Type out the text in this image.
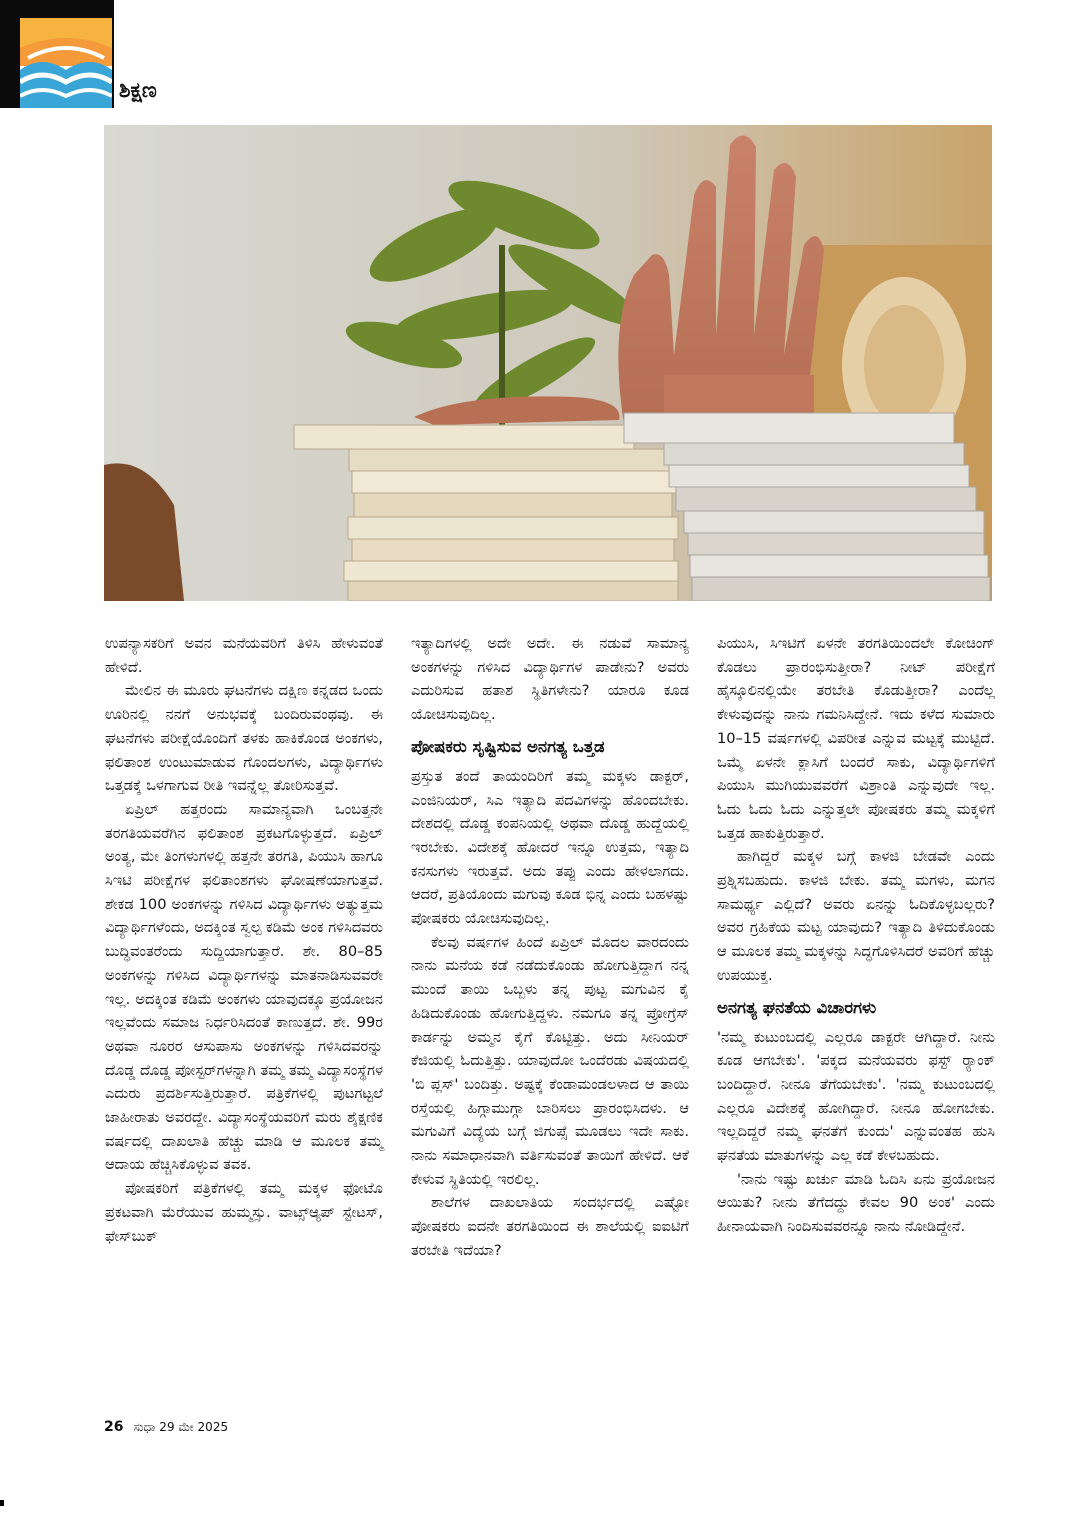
ಶಿಕ್ಷಣ

ಉಪನ್ಯಾಸಕರಿಗೆ ಅವನ ಮನೆಯವರಿಗೆ ತಿಳಿಸಿ ಹೇಳುವಂತೆ ಹೇಳಿದೆ.

ಮೇಲಿನ ಈ ಮೂರು ಘಟನೆಗಳು ದಕ್ಷಿಣ ಕನ್ನಡದ ಒಂದು ಊರಿನಲ್ಲಿ ನನಗೆ ಅನುಭವಕ್ಕೆ ಬಂದಿರುವಂಥವು. ಈ ಘಟನೆಗಳು ಪರೀಕ್ಷೆಯೊಂದಿಗೆ ತಳಕು ಹಾಕಿಕೊಂಡ ಅಂಕಗಳು, ಫಲಿತಾಂಶ ಉಂಟುಮಾಡುವ ಗೊಂದಲಗಳು, ವಿದ್ಯಾರ್ಥಿಗಳು ಒತ್ತಡಕ್ಕೆ ಒಳಗಾಗುವ ರೀತಿ ಇವನ್ನೆಲ್ಲ ತೋರಿಸುತ್ತವೆ.

ಏಪ್ರಿಲ್ ಹತ್ತರಂದು ಸಾಮಾನ್ಯವಾಗಿ ಒಂಬತ್ತನೇ ತರಗತಿಯವರೆಗಿನ ಫಲಿತಾಂಶ ಪ್ರಕಟಗೊಳ್ಳುತ್ತದೆ. ಏಪ್ರಿಲ್ ಅಂತ್ಯ, ಮೇ ತಿಂಗಳುಗಳಲ್ಲಿ ಹತ್ತನೇ ತರಗತಿ, ಪಿಯುಸಿ ಹಾಗೂ ಸಿಇಟಿ ಪರೀಕ್ಷೆಗಳ ಫಲಿತಾಂಶಗಳು ಘೋಷಣೆಯಾಗುತ್ತವೆ. ಶೇಕಡ 100 ಅಂಕಗಳನ್ನು ಗಳಿಸಿದ ವಿದ್ಯಾರ್ಥಿಗಳು ಅತ್ಯುತ್ತಮ ವಿದ್ಯಾರ್ಥಿಗಳೆಂದು, ಅದಕ್ಕಿಂತ ಸ್ವಲ್ಪ ಕಡಿಮೆ ಅಂಕ ಗಳಿಸಿದವರು ಬುದ್ಧಿವಂತರೆಂದು ಸುದ್ದಿಯಾಗುತ್ತಾರೆ. ಶೇ. 80–85 ಅಂಕಗಳನ್ನು ಗಳಿಸಿದ ವಿದ್ಯಾರ್ಥಿಗಳನ್ನು ಮಾತನಾಡಿಸುವವರೇ ಇಲ್ಲ. ಅದಕ್ಕಿಂತ ಕಡಿಮೆ ಅಂಕಗಳು ಯಾವುದಕ್ಕೂ ಪ್ರಯೋಜನ ಇಲ್ಲವೆಂದು ಸಮಾಜ ನಿರ್ಧರಿಸಿದಂತೆ ಕಾಣುತ್ತದೆ. ಶೇ. 99ರ ಅಥವಾ ನೂರರ ಆಸುಪಾಸು ಅಂಕಗಳನ್ನು ಗಳಿಸಿದವರನ್ನು ದೊಡ್ಡ ದೊಡ್ಡ ಪೋಸ್ಟರ್‌ಗಳನ್ನಾಗಿ ತಮ್ಮ ತಮ್ಮ ವಿದ್ಯಾಸಂಸ್ಥೆಗಳ ಎದುರು ಪ್ರದರ್ಶಿಸುತ್ತಿರುತ್ತಾರೆ. ಪತ್ರಿಕೆಗಳಲ್ಲಿ ಪುಟಗಟ್ಟಲೆ ಜಾಹೀರಾತು ಅವರದ್ದೇ. ವಿದ್ಯಾಸಂಸ್ಥೆಯವರಿಗೆ ಮರು ಶೈಕ್ಷಣಿಕ ವರ್ಷದಲ್ಲಿ ದಾಖಲಾತಿ ಹೆಚ್ಚು ಮಾಡಿ ಆ ಮೂಲಕ ತಮ್ಮ ಆದಾಯ ಹೆಚ್ಚಿಸಿಕೊಳ್ಳುವ ತವಕ.

ಪೋಷಕರಿಗೆ ಪತ್ರಿಕೆಗಳಲ್ಲಿ ತಮ್ಮ ಮಕ್ಕಳ ಫೋಟೊ ಪ್ರಕಟವಾಗಿ ಮೆರೆಯುವ ಹುಮ್ಮಸ್ಸು. ವಾಟ್ಸ್‌ಆ್ಯಪ್ ಸ್ಟೇಟಸ್, ಫೇಸ್‌ಬುಕ್

ಇತ್ಯಾದಿಗಳಲ್ಲಿ ಅದೇ ಅದೇ. ಈ ನಡುವೆ ಸಾಮಾನ್ಯ ಅಂಕಗಳನ್ನು ಗಳಿಸಿದ ವಿದ್ಯಾರ್ಥಿಗಳ ಪಾಡೇನು? ಅವರು ಎದುರಿಸುವ ಹತಾಶ ಸ್ಥಿತಿಗಳೇನು? ಯಾರೂ ಕೂಡ ಯೋಚಿಸುವುದಿಲ್ಲ.

ಪೋಷಕರು ಸೃಷ್ಟಿಸುವ ಅನಗತ್ಯ ಒತ್ತಡ

ಪ್ರಸ್ತುತ ತಂದೆ ತಾಯಂದಿರಿಗೆ ತಮ್ಮ ಮಕ್ಕಳು ಡಾಕ್ಟರ್, ಎಂಜಿನಿಯರ್, ಸಿಎ ಇತ್ಯಾದಿ ಪದವಿಗಳನ್ನು ಹೊಂದಬೇಕು. ದೇಶದಲ್ಲಿ ದೊಡ್ಡ ಕಂಪನಿಯಲ್ಲಿ ಅಥವಾ ದೊಡ್ಡ ಹುದ್ದೆಯಲ್ಲಿ ಇರಬೇಕು. ವಿದೇಶಕ್ಕೆ ಹೋದರೆ ಇನ್ನೂ ಉತ್ತಮ, ಇತ್ಯಾದಿ ಕನಸುಗಳು ಇರುತ್ತವೆ. ಅದು ತಪ್ಪು ಎಂದು ಹೇಳಲಾಗದು. ಆದರೆ, ಪ್ರತಿಯೊಂದು ಮಗುವು ಕೂಡ ಭಿನ್ನ ಎಂದು ಬಹಳಷ್ಟು ಪೋಷಕರು ಯೋಚಿಸುವುದಿಲ್ಲ.

ಕೆಲವು ವರ್ಷಗಳ ಹಿಂದೆ ಏಪ್ರಿಲ್ ಮೊದಲ ವಾರದಂದು ನಾನು ಮನೆಯ ಕಡೆ ನಡೆದುಕೊಂಡು ಹೋಗುತ್ತಿದ್ದಾಗ ನನ್ನ ಮುಂದೆ ತಾಯಿ ಒಬ್ಬಳು ತನ್ನ ಪುಟ್ಟ ಮಗುವಿನ ಕೈ ಹಿಡಿದುಕೊಂಡು ಹೋಗುತ್ತಿದ್ದಳು. ನಮಗೂ ತನ್ನ ಪ್ರೋಗ್ರೆಸ್ ಕಾರ್ಡನ್ನು ಅಮ್ಮನ ಕೈಗೆ ಕೊಟ್ಟಿತ್ತು. ಅದು ಸೀನಿಯರ್ ಕೆಜಿಯಲ್ಲಿ ಓದುತ್ತಿತ್ತು. ಯಾವುದೋ ಒಂದೆರಡು ವಿಷಯದಲ್ಲಿ 'ಬಿ ಪ್ಲಸ್' ಬಂದಿತ್ತು. ಅಷ್ಟಕ್ಕೆ ಕೆಂಡಾಮಂಡಲಳಾದ ಆ ತಾಯಿ ರಸ್ತೆಯಲ್ಲಿ ಹಿಗ್ಗಾಮುಗ್ಗಾ ಬಾರಿಸಲು ಪ್ರಾರಂಭಿಸಿದಳು. ಆ ಮಗುವಿಗೆ ವಿದ್ಯೆಯ ಬಗ್ಗೆ ಜಿಗುಪ್ಸೆ ಮೂಡಲು ಇದೇ ಸಾಕು. ನಾನು ಸಮಾಧಾನವಾಗಿ ವರ್ತಿಸುವಂತೆ ತಾಯಿಗೆ ಹೇಳಿದೆ. ಆಕೆ ಕೇಳುವ ಸ್ಥಿತಿಯಲ್ಲಿ ಇರಲಿಲ್ಲ.

ಶಾಲೆಗಳ ದಾಖಲಾತಿಯ ಸಂದರ್ಭದಲ್ಲಿ ಎಷ್ಟೋ ಪೋಷಕರು ಐದನೇ ತರಗತಿಯಿಂದ ಈ ಶಾಲೆಯಲ್ಲಿ ಐಐಟಿಗೆ ತರಬೇತಿ ಇದೆಯಾ?

ಪಿಯುಸಿ, ಸಿಇಟಿಗೆ ಏಳನೇ ತರಗತಿಯಿಂದಲೇ ಕೋಚಿಂಗ್ ಕೊಡಲು ಪ್ರಾರಂಭಿಸುತ್ತೀರಾ? ನೀಟ್ ಪರೀಕ್ಷೆಗೆ ಹೈಸ್ಕೂಲಿನಲ್ಲಿಯೇ ತರಬೇತಿ ಕೊಡುತ್ತೀರಾ? ಎಂದೆಲ್ಲ ಕೇಳುವುದನ್ನು ನಾನು ಗಮನಿಸಿದ್ದೇನೆ. ಇದು ಕಳೆದ ಸುಮಾರು 10–15 ವರ್ಷಗಳಲ್ಲಿ ವಿಪರೀತ ಎನ್ನುವ ಮಟ್ಟಕ್ಕೆ ಮುಟ್ಟಿದೆ. ಒಮ್ಮೆ ಏಳನೇ ಕ್ಲಾಸಿಗೆ ಬಂದರೆ ಸಾಕು, ವಿದ್ಯಾರ್ಥಿಗಳಿಗೆ ಪಿಯುಸಿ ಮುಗಿಯುವವರೆಗೆ ವಿಶ್ರಾಂತಿ ಎನ್ನುವುದೇ ಇಲ್ಲ. ಓದು ಓದು ಓದು ಎನ್ನುತ್ತಲೇ ಪೋಷಕರು ತಮ್ಮ ಮಕ್ಕಳಿಗೆ ಒತ್ತಡ ಹಾಕುತ್ತಿರುತ್ತಾರೆ.

ಹಾಗಿದ್ದರೆ ಮಕ್ಕಳ ಬಗ್ಗೆ ಕಾಳಜಿ ಬೇಡವೇ ಎಂದು ಪ್ರಶ್ನಿಸಬಹುದು. ಕಾಳಜಿ ಬೇಕು. ತಮ್ಮ ಮಗಳು, ಮಗನ ಸಾಮರ್ಥ್ಯ ಎಲ್ಲಿದೆ? ಅವರು ಏನನ್ನು ಓದಿಕೊಳ್ಳಬಲ್ಲರು? ಅವರ ಗ್ರಹಿಕೆಯ ಮಟ್ಟ ಯಾವುದು? ಇತ್ಯಾದಿ ತಿಳಿದುಕೊಂಡು ಆ ಮೂಲಕ ತಮ್ಮ ಮಕ್ಕಳನ್ನು ಸಿದ್ಧಗೊಳಿಸಿದರೆ ಅವರಿಗೆ ಹೆಚ್ಚು ಉಪಯುಕ್ತ.

ಅನಗತ್ಯ ಘನತೆಯ ವಿಚಾರಗಳು

'ನಮ್ಮ ಕುಟುಂಬದಲ್ಲಿ ಎಲ್ಲರೂ ಡಾಕ್ಟರೇ ಆಗಿದ್ದಾರೆ. ನೀನು ಕೂಡ ಆಗಬೇಕು'. 'ಪಕ್ಕದ ಮನೆಯವರು ಫಸ್ಟ್ ರ‍್ಯಾಂಕ್ ಬಂದಿದ್ದಾರೆ. ನೀನೂ ತೆಗೆಯಬೇಕು'. 'ನಮ್ಮ ಕುಟುಂಬದಲ್ಲಿ ಎಲ್ಲರೂ ವಿದೇಶಕ್ಕೆ ಹೋಗಿದ್ದಾರೆ. ನೀನೂ ಹೋಗಬೇಕು. ಇಲ್ಲದಿದ್ದರೆ ನಮ್ಮ ಘನತೆಗೆ ಕುಂದು' ಎನ್ನುವಂತಹ ಹುಸಿ ಘನತೆಯ ಮಾತುಗಳನ್ನು ಎಲ್ಲ ಕಡೆ ಕೇಳಬಹುದು.

'ನಾನು ಇಷ್ಟು ಖರ್ಚು ಮಾಡಿ ಓದಿಸಿ ಏನು ಪ್ರಯೋಜನ ಆಯಿತು? ನೀನು ತೆಗೆದದ್ದು ಕೇವಲ 90 ಅಂಕ' ಎಂದು ಹೀನಾಯವಾಗಿ ನಿಂದಿಸುವವರನ್ನೂ ನಾನು ನೋಡಿದ್ದೇನೆ.

26 ಸುಧಾ 29 ಮೇ 2025
